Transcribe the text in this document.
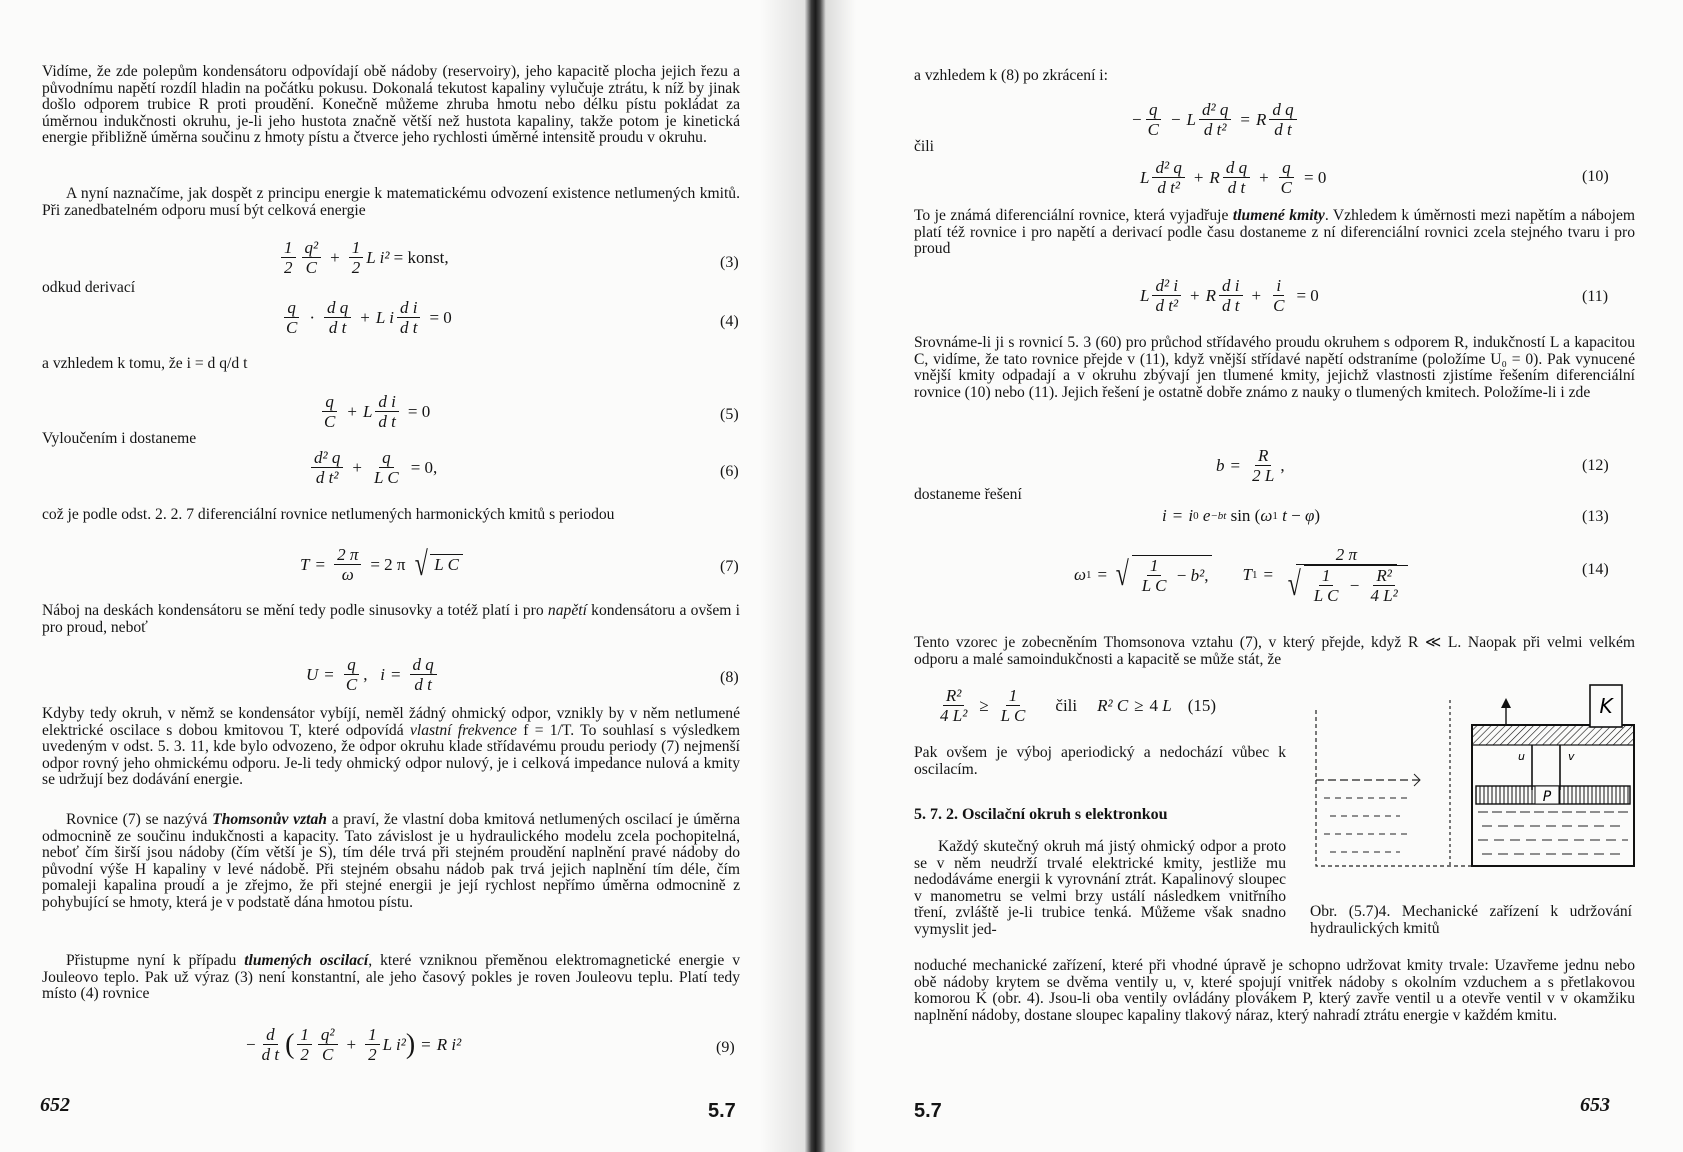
Vidíme, že zde polepům kondensátoru odpovídají obě nádoby (reservoiry), jeho kapacitě plocha jejich řezu a původnímu napětí rozdíl hladin na počátku pokusu. Dokonalá tekutost kapaliny vylučuje ztrátu, k níž by jinak došlo odporem trubice R proti proudění. Konečně můžeme zhruba hmotu nebo délku pístu pokládat za úměrnou indukčnosti okruhu, je-li jeho hustota značně větší než hustota kapaliny, takže potom je kinetická energie přibližně úměrna součinu z hmoty pístu a čtverce jeho rychlosti úměrné intensitě proudu v okruhu.

A nyní naznačíme, jak dospět z principu energie k matematickému odvození existence netlumených kmitů. Při zanedbatelném odporu musí být celková energie

$\frac{1}{2} \frac{\text{q²}}{C} + \frac{1}{2}$ L i²
= konst,	(3)
odkud derivací
$\frac{q}{C} \cdot \frac{\text{d q}}{\text{d t}} + L$ i $\frac{\text{d i}}{\text{d t}} = 0$	(4)
a vzhledem k tomu, že i = d q/d t
$\frac{q}{C} + L \frac{\text{d i}}{\text{d t}} = 0$	(5)
Vyloučením i dostaneme
$\frac{\text{d² q}}{\text{d t²}} + \frac{q}{\text{L C}} = 0$,	(6)

což je podle odst. 2. 2. 7 diferenciální rovnice netlumených harmonických kmitů s periodou

$T = \frac{2 \pi}{\omega} = 2$ π √ L C	(7)

Náboj na deskách kondensátoru se mění tedy podle sinusovky a totéž platí i pro napětí kondensátoru a ovšem i pro proud, neboť

$U = \frac{q}{C}$ , $i = \frac{\text{d q}}{\text{d t}}$	(8)

Kdyby tedy okruh, v němž se kondensátor vybíjí, neměl žádný ohmický odpor, vznikly by v něm netlumené elektrické oscilace s dobou kmitovou T, které odpovídá vlastní frekvence f = 1/T. To souhlasí s výsledkem uvedeným v odst. 5. 3. 11, kde bylo odvozeno, že odpor okruhu klade střídavému proudu periody (7) nejmenší odpor rovný jeho ohmickému odporu. Je-li tedy ohmický odpor nulový, je i celková impedance nulová a kmity se udržují bez dodávání energie.

Rovnice (7) se nazývá Thomsonův vztah a praví, že vlastní doba kmitová netlumených oscilací je úměrna odmocnině ze součinu indukčnosti a kapacity. Tato závislost je u hydraulického modelu zcela pochopitelná, neboť čím širší jsou nádoby (čím větší je S), tím déle trvá při stejném proudění naplnění pravé nádoby do původní výše H kapaliny v levé nádobě. Při stejném obsahu nádob pak trvá jejich naplnění tím déle, čím pomaleji kapalina proudí a je zřejmo, že při stejné energii je její rychlost nepřímo úměrna odmocnině z pohybující se hmoty, která je v podstatě dána hmotou pístu.

Přistupme nyní k případu tlumených oscilací, které vzniknou přeměnou elektromagnetické energie v Jouleovo teplo. Pak už výraz (3) není konstantní, ale jeho časový pokles je roven Jouleovu teplu. Platí tedy místo (4) rovnice

− $\frac{d}{\text{d t}}$ ( $\frac{1}{2} \frac{\text{q²}}{C} + \frac{1}{2}$ L i² ) = R i²	(9)
652	5.7
a vzhledem k (8) po zkrácení i:
− $\frac{q}{C} - L \frac{\text{d² q}}{\text{d t²}} = R \frac{\text{d q}}{\text{d t}}$
čili
L $\frac{\text{d² q}}{\text{d t²}} + R \frac{\text{d q}}{\text{d t}} + \frac{q}{C} = 0$	(10)

To je známá diferenciální rovnice, která vyjadřuje tlumené kmity. Vzhledem k úměrnosti mezi napětím a nábojem platí též rovnice i pro napětí a derivací podle času dostaneme z ní diferenciální rovnici zcela stejného tvaru i pro proud

L $\frac{\text{d² i}}{\text{d t²}} + R \frac{\text{d i}}{\text{d t}} + \frac{i}{C} = 0$	(11)

Srovnáme-li ji s rovnicí 5. 3 (60) pro průchod střídavého proudu okruhem s odporem R, indukčností L a kapacitou C, vidíme, že tato rovnice přejde v (11), když vnější střídavé napětí odstraníme (položíme U₀ = 0). Pak vynucené vnější kmity odpadají a v okruhu zbývají jen tlumené kmity, jejichž vlastnosti zjistíme řešením diferenciální rovnice (10) nebo (11). Jejich řešení je ostatně dobře známo z nauky o tlumených kmitech. Položíme-li i zde

$b = \frac{R}{2 L}$ ,	(12)
dostaneme řešení
i = i 0
e −bt sin ( ω 1
t − φ )	(13)
ω 1 = √ $\frac{1}{\text{L C}} - b^2$ , T $1 = \frac{2 \pi}{√ \frac{1}{\text{L C}} - \frac{\text{R²}}{\text{4 L²}}}$	(14)

Tento vzorec je zobecněním Thomsonova vztahu (7), v který přejde, když R ≪ L. Naopak při velmi velkém odporu a malé samoindukčnosti a kapacitě se může stát, že

$\frac{\text{R²}}{\text{4 L²}} \ge \frac{1}{\text{L C}}$ čili R² C ≥ 4 L (15)

Pak ovšem je výboj aperiodický a nedochází vůbec k oscilacím.

5. 7. 2. Oscilační okruh s elektronkou

Každý skutečný okruh má jistý ohmický odpor a proto se v něm neudrží trvalé elektrické kmity, jestliže mu nedodáváme energii k vyrovnání ztrát. Kapalinový sloupec v manometru se velmi brzy ustálí následkem vnitřního tření, zvláště je-li trubice tenká. Můžeme však snadno vymyslit jed-

noduché mechanické zařízení, které při vhodné úpravě je schopno udržovat kmity trvale: Uzavřeme jednu nebo obě nádoby krytem se dvěma ventily u, v, které spojují vnitřek nádoby s okolním vzduchem a s přetlakovou komorou K (obr. 4). Jsou-li oba ventily ovládány plovákem P, který zavře ventil u a otevře ventil v v okamžiku naplnění nádoby, dostane sloupec kapaliny tlakový náraz, který nahradí ztrátu energie v každém kmitu.

K
u	v
P

Obr. (5.7)4. Mechanické zařízení k udržování hydraulických kmitů

5.7	653
